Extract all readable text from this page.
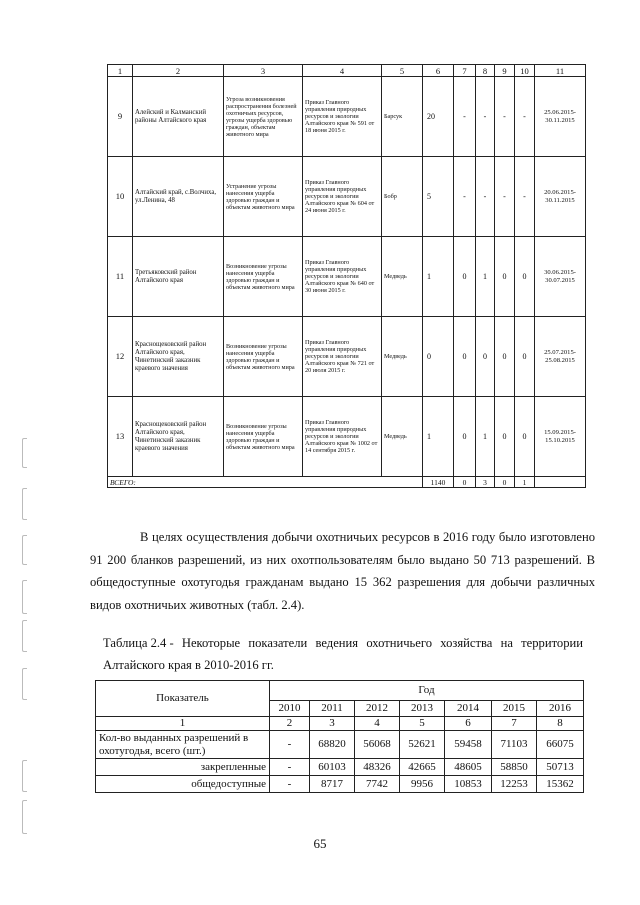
1	2	3	4	5	6	7	8	9	10	11
9	Алейский и Калманский районы Алтайского края	Угроза возникновения распространения болезней охотничьих ресурсов, угрозы ущерба здоровью граждан, объектам животного мира	Приказ Главного управления природных ресурсов и экологии Алтайского края № 591 от 18 июня 2015 г.	Барсук	20	-	-	-	-	25.06.2015-30.11.2015
10	Алтайский край, с.Волчиха, ул.Ленина, 48	Устранение угрозы нанесения ущерба здоровью граждан и объектам животного мира	Приказ Главного управления природных ресурсов и экологии Алтайского края № 604 от 24 июня 2015 г.	Бобр	5	-	-	-	-	20.06.2015-30.11.2015
11	Третьяковский район Алтайского края	Возникновение угрозы нанесения ущерба здоровью граждан и объектам животного мира	Приказ Главного управления природных ресурсов и экологии Алтайского края № 640 от 30 июня 2015 г.	Медведь	1	0	1	0	0	30.06.2015-30.07.2015
12	Краснощековский район Алтайского края, Чинетинский заказник краевого значения	Возникновение угрозы нанесения ущерба здоровью граждан и объектам животного мира	Приказ Главного управления природных ресурсов и экологии Алтайского края № 721 от 20 июля 2015 г.	Медведь	0	0	0	0	0	25.07.2015-25.08.2015
13	Краснощековский район Алтайского края, Чинетинский заказник краевого значения	Возникновение угрозы нанесения ущерба здоровью граждан и объектам животного мира	Приказ Главного управления природных ресурсов и экологии Алтайского края № 1002 от 14 сентября 2015 г.	Медведь	1	0	1	0	0	15.09.2015-15.10.2015
ВСЕГО:					1140	0	3	0	1	

В целях осуществления добычи охотничьих ресурсов в 2016 году было изготовлено 91 200 бланков разрешений, из них охотпользователям было выдано 50 713 разрешений. В общедоступные охотугодья гражданам выдано 15 362 разрешения для добычи различных видов охотничьих животных (табл. 2.4).

Таблица 2.4 - Некоторые показатели ведения охотничьего хозяйства на территории
Алтайского края в 2010-2016 гг.
Показатель	Год						
	2010	2011	2012	2013	2014	2015	2016
1	2	3	4	5	6	7	8
Кол-во выданных разрешений в охотугодья, всего (шт.)	-	68820	56068	52621	59458	71103	66075
закрепленные	-	60103	48326	42665	48605	58850	50713
общедоступные	-	8717	7742	9956	10853	12253	15362
65
